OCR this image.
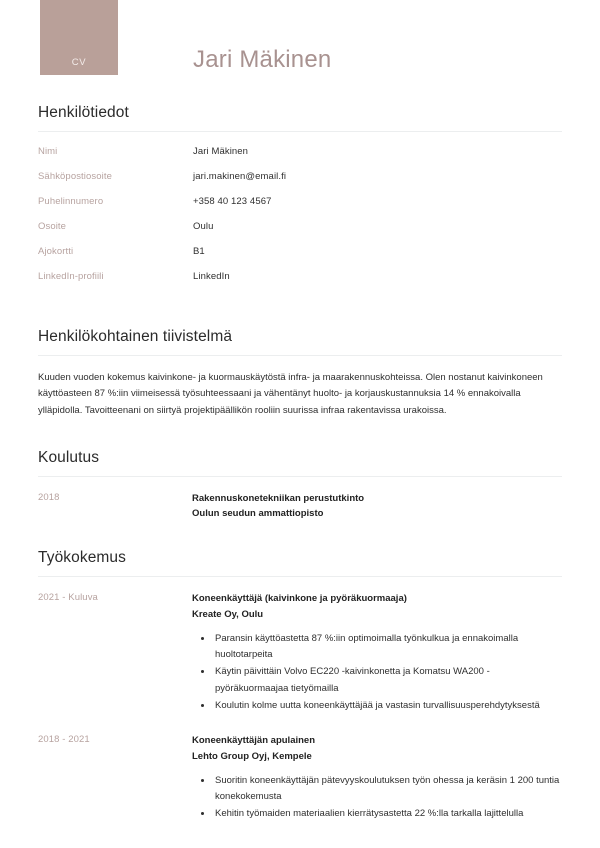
CV	Jari Mäkinen
Henkilötiedot
Nimi	Jari Mäkinen
Sähköpostiosoite	jari.makinen@email.fi
Puhelinnumero	+358 40 123 4567
Osoite	Oulu
Ajokortti	B1
LinkedIn-profiili	LinkedIn
Henkilökohtainen tiivistelmä

Kuuden vuoden kokemus kaivinkone- ja kuormauskäytöstä infra- ja maarakennuskohteissa. Olen nostanut kaivinkoneen käyttöasteen 87 %:iin viimeisessä työsuhteessaani ja vähentänyt huolto- ja korjauskustannuksia 14 % ennakoivalla ylläpidolla. Tavoitteenani on siirtyä projektipäällikön rooliin suurissa infraa rakentavissa urakoissa.

Koulutus
2018	Rakennuskonetekniikan perustutkinto
Oulun seudun ammattiopisto
Työkokemus
2021 - Kuluva	Koneenkäyttäjä (kaivinkone ja pyöräkuormaaja)
Kreate Oy, Oulu
• Paransin käyttöastetta 87 %:iin optimoimalla työnkulkua ja ennakoimalla huoltotarpeita
• Käytin päivittäin Volvo EC220 -kaivinkonetta ja Komatsu WA200 -pyöräkuormaajaa tietyömailla
• Koulutin kolme uutta koneenkäyttäjää ja vastasin turvallisuusperehdytyksestä
2018 - 2021	Koneenkäyttäjän apulainen
Lehto Group Oyj, Kempele
• Suoritin koneenkäyttäjän pätevyyskoulutuksen työn ohessa ja keräsin 1 200 tuntia konekokemusta
• Kehitin työmaiden materiaalien kierrätysastetta 22 %:lla tarkalla lajittelulla
